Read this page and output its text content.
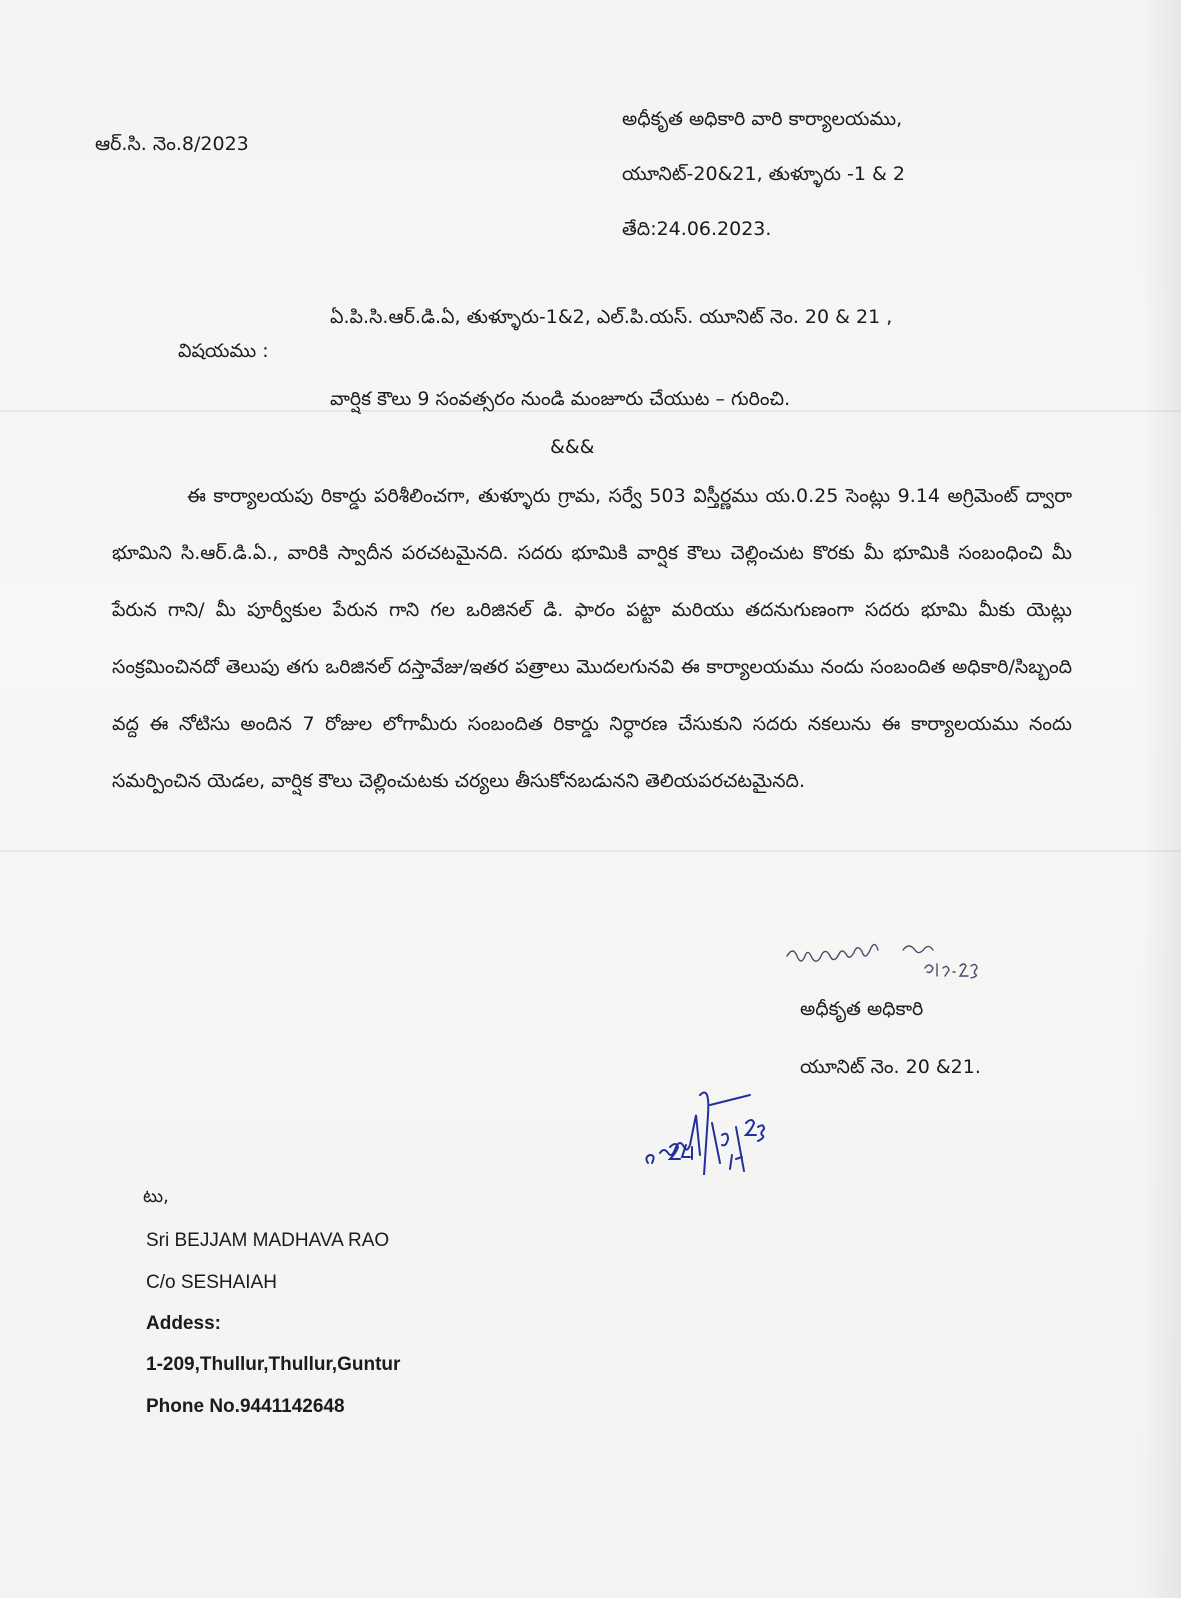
ఆర్.సి. నెం.8/2023
అధీకృత అధికారి వారి కార్యాలయము,
యూనిట్-20&21, తుళ్ళూరు -1 & 2
తేది:24.06.2023.
విషయము :
ఏ.పి.సి.ఆర్.డి.ఏ, తుళ్ళూరు-1&2, ఎల్.పి.యస్. యూనిట్ నెం. 20 & 21 ,
వార్షిక కౌలు 9 సంవత్సరం నుండి మంజూరు చేయుట – గురించి.
&&&
ఈ కార్యాలయపు రికార్డు పరిశీలించగా, తుళ్ళూరు గ్రామ, సర్వే 503 విస్తీర్ణము య.0.25 సెంట్లు 9.14 అగ్రిమెంట్ ద్వారా భూమిని సి.ఆర్.డి.ఏ., వారికి స్వాదీన పరచటమైనది. సదరు భూమికి వార్షిక కౌలు చెల్లించుట కొరకు మీ భూమికి సంబంధించి మీ పేరున గాని/ మీ పూర్వీకుల పేరున గాని గల ఒరిజినల్ డి. ఫారం పట్టా మరియు తదనుగుణంగా సదరు భూమి మీకు యెట్లు సంక్రమించినదో తెలుపు తగు ఒరిజినల్ దస్తావేజు/ఇతర పత్రాలు మొదలగునవి ఈ కార్యాలయము నందు సంబందిత అధికారి/సిబ్బంది వద్ద ఈ నోటిసు అందిన 7 రోజుల లోగామీరు సంబందిత రికార్డు నిర్ధారణ చేసుకుని సదరు నకలును ఈ కార్యాలయము నందు సమర్పించిన యెడల, వార్షిక కౌలు చెల్లించుటకు చర్యలు తీసుకోనబడునని తెలియపరచటమైనది.
అధీకృత అధికారి
యూనిట్ నెం. 20 &21.
టు,
Sri BEJJAM MADHAVA RAO
C/o SESHAIAH
Addess:
1-209,Thullur,Thullur,Guntur
Phone No.9441142648
